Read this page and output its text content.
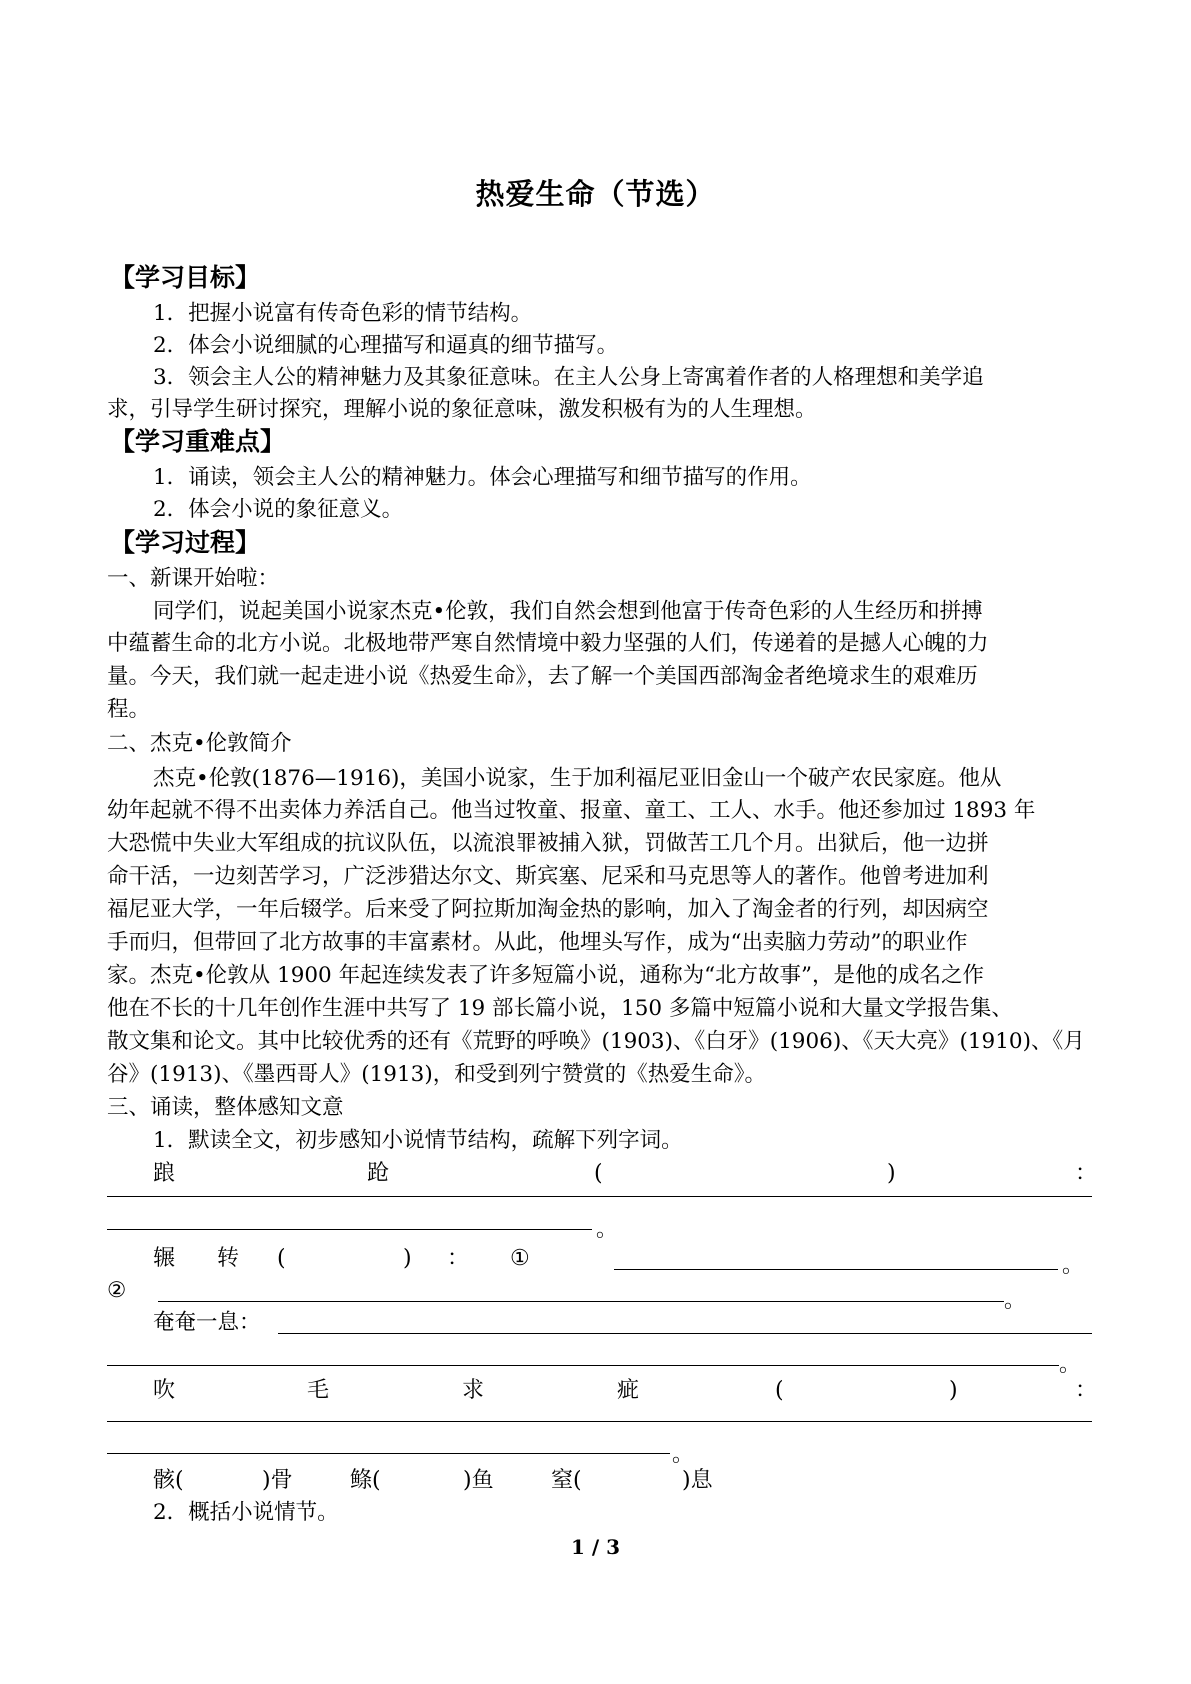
热爱生命（节选）
【学习目标】
1．把握小说富有传奇色彩的情节结构。
2．体会小说细腻的心理描写和逼真的细节描写。
3．领会主人公的精神魅力及其象征意味。在主人公身上寄寓着作者的人格理想和美学追
求，引导学生研讨探究，理解小说的象征意味，激发积极有为的人生理想。
【学习重难点】
1．诵读，领会主人公的精神魅力。体会心理描写和细节描写的作用。
2．体会小说的象征意义。
【学习过程】
一、新课开始啦：
同学们，说起美国小说家杰克•伦敦，我们自然会想到他富于传奇色彩的人生经历和拼搏
中蕴蓄生命的北方小说。北极地带严寒自然情境中毅力坚强的人们，传递着的是撼人心魄的力
量。今天，我们就一起走进小说《热爱生命》，去了解一个美国西部淘金者绝境求生的艰难历
程。
二、杰克•伦敦简介
杰克•伦敦(1876—1916)，美国小说家，生于加利福尼亚旧金山一个破产农民家庭。他从
幼年起就不得不出卖体力养活自己。他当过牧童、报童、童工、工人、水手。他还参加过 1893 年
大恐慌中失业大军组成的抗议队伍，以流浪罪被捕入狱，罚做苦工几个月。出狱后，他一边拼
命干活，一边刻苦学习，广泛涉猎达尔文、斯宾塞、尼采和马克思等人的著作。他曾考进加利
福尼亚大学，一年后辍学。后来受了阿拉斯加淘金热的影响，加入了淘金者的行列，却因病空
手而归，但带回了北方故事的丰富素材。从此，他埋头写作，成为“出卖脑力劳动”的职业作
家。杰克•伦敦从 1900 年起连续发表了许多短篇小说，通称为“北方故事”，是他的成名之作
他在不长的十几年创作生涯中共写了 19 部长篇小说，150 多篇中短篇小说和大量文学报告集、
散文集和论文。其中比较优秀的还有《荒野的呼唤》(1903)、《白牙》(1906)、《天大亮》(1910)、《月
谷》(1913)、《墨西哥人》(1913)，和受到列宁赞赏的《热爱生命》。
三、诵读，整体感知文意
1．默读全文，初步感知小说情节结构，疏解下列字词。
踉	跄	(	)	：
。
辗 转 (	) ： ①	。
②	。
奄奄一息：
。
吹	毛	求	疵	(	)	：
。
骸(	)骨	鲦(	)鱼	窒(	)息
2．概括小说情节。
1 / 3
